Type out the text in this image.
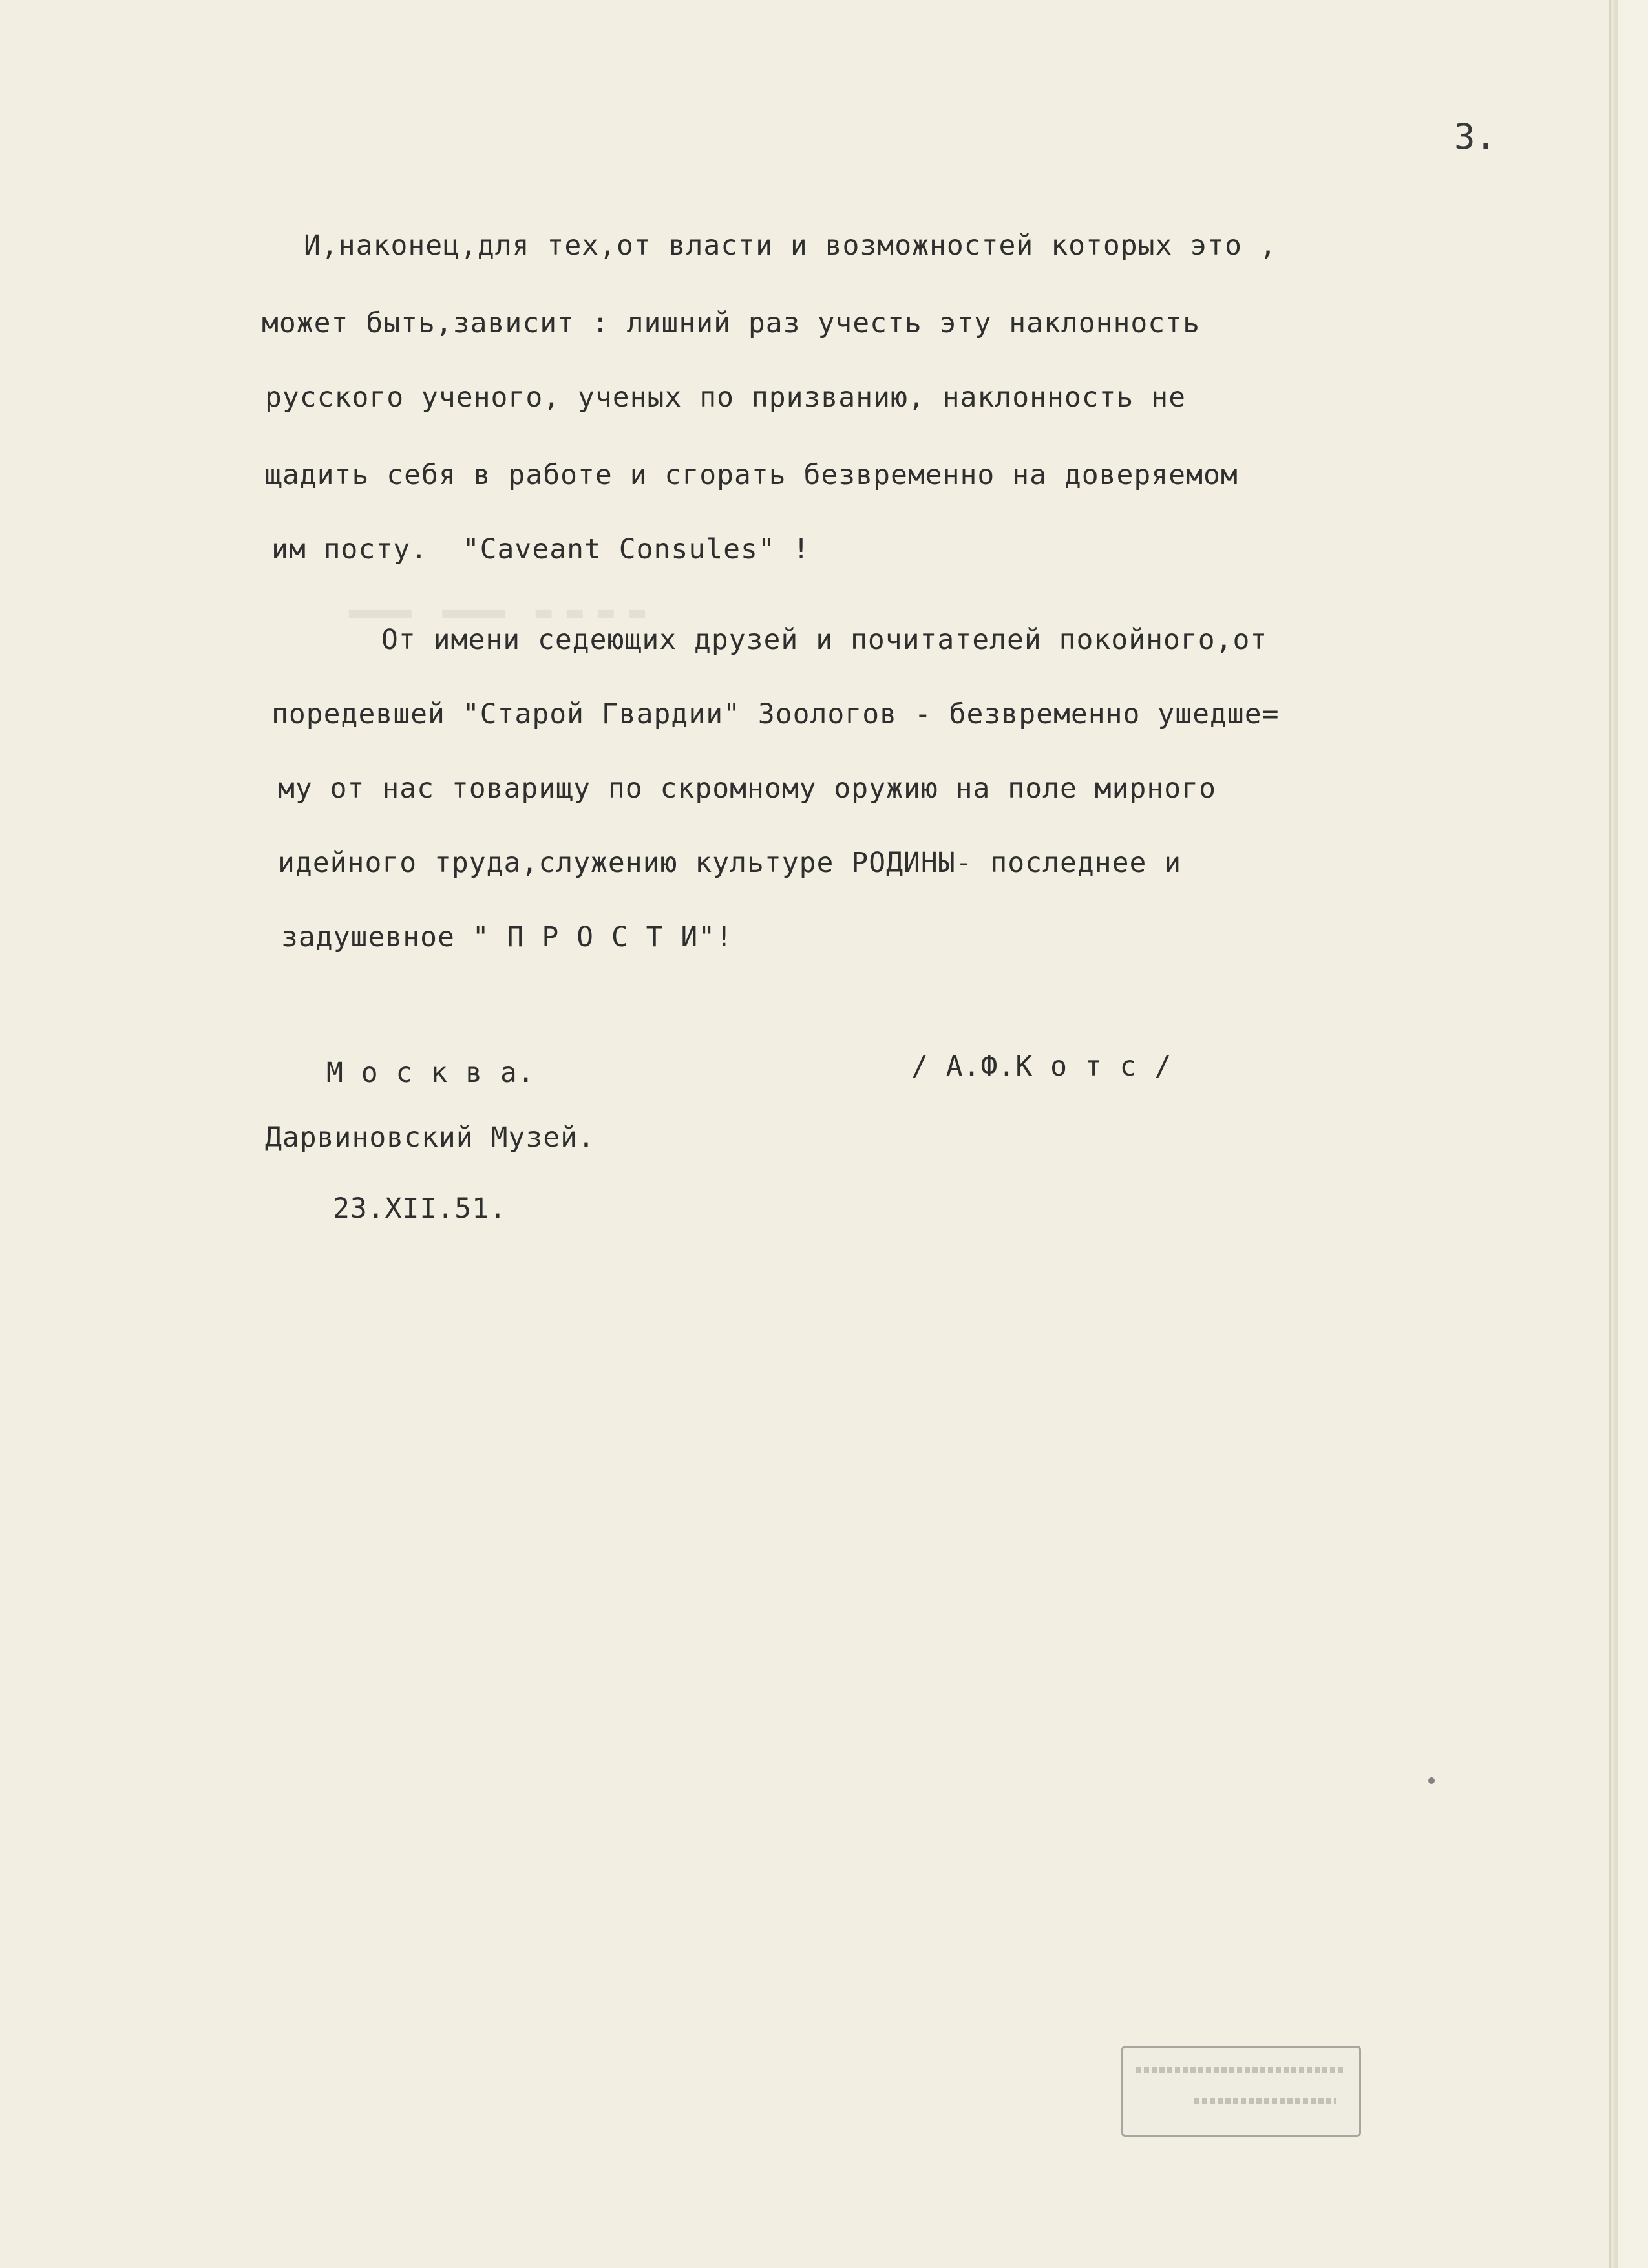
3.
И,наконец,для тех,от власти и возможностей которых это ,
может быть,зависит : лишний раз учесть эту наклонность
русского ученого, ученых по призванию, наклонность не
щадить себя в работе и сгорать безвременно на доверяемом
им посту.  "Caveant Consules" !
▂▂▂▂  ▂▂▂▂  ▂ ▂ ▂ ▂
От имени седеющих друзей и почитателей покойного,от
поредевшей "Старой Гвардии" Зоологов - безвременно ушедше=
му от нас товарищу по скромному оружию на поле мирного
идейного труда,служению культуре РОДИНЫ- последнее и
задушевное " П Р О С Т И"!
/ А.Ф.К о т с /
М о с к в а.
Дарвиновский Музей.
23.XII.51.
